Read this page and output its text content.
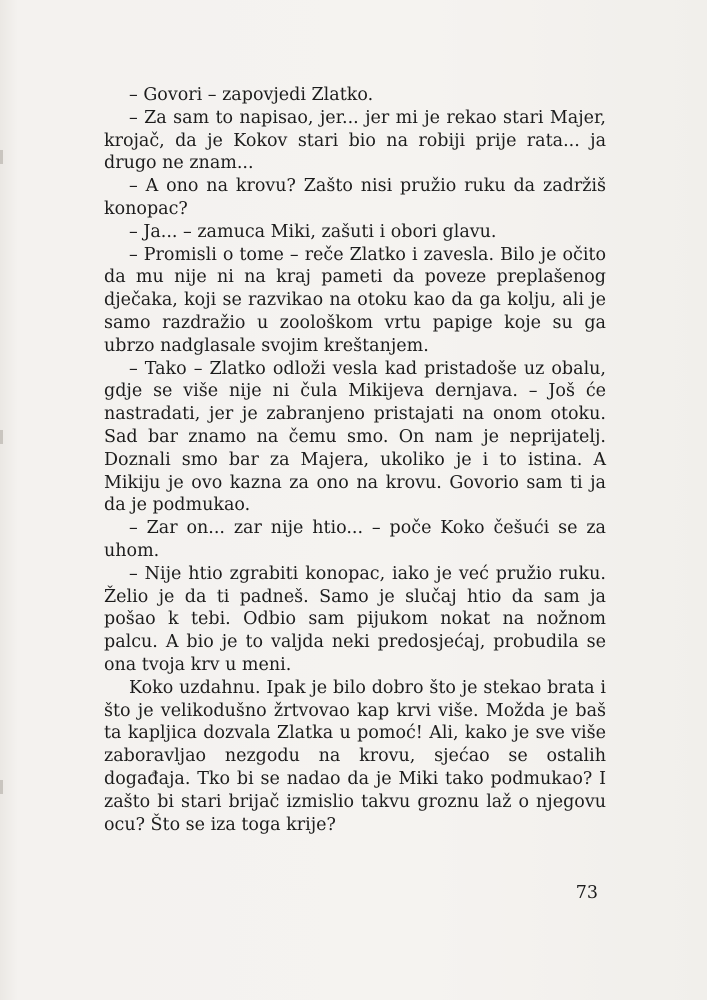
– Govori – zapovjedi Zlatko.

– Za sam to napisao, jer... jer mi je rekao stari Majer, krojač, da je Kokov stari bio na robiji prije rata... ja drugo ne znam...

– A ono na krovu? Zašto nisi pružio ruku da zadržiš konopac?

– Ja... – zamuca Miki, zašuti i obori glavu.

– Promisli o tome – reče Zlatko i zavesla. Bilo je očito da mu nije ni na kraj pameti da poveze preplašenog dječaka, koji se razvikao na otoku kao da ga kolju, ali je samo razdražio u zoološkom vrtu papige koje su ga ubrzo nadglasale svojim kreštanjem.

– Tako – Zlatko odloži vesla kad pristadoše uz obalu, gdje se više nije ni čula Mikijeva dernjava. – Još će nastradati, jer je zabranjeno pristajati na onom otoku. Sad bar znamo na čemu smo. On nam je neprijatelj. Doznali smo bar za Majera, ukoliko je i to istina. A Mikiju je ovo kazna za ono na krovu. Govorio sam ti ja da je podmukao.

– Zar on... zar nije htio... – poče Koko češući se za uhom.

– Nije htio zgrabiti konopac, iako je već pružio ruku. Želio je da ti padneš. Samo je slučaj htio da sam ja pošao k tebi. Odbio sam pijukom nokat na nožnom palcu. A bio je to valjda neki predosjećaj, probudila se ona tvoja krv u meni.

Koko uzdahnu. Ipak je bilo dobro što je stekao brata i što je velikodušno žrtvovao kap krvi više. Možda je baš ta kapljica dozvala Zlatka u pomoć! Ali, kako je sve više zaboravljao nezgodu na krovu, sjećao se ostalih događaja. Tko bi se nadao da je Miki tako podmukao? I zašto bi stari brijač izmislio takvu groznu laž o njegovu ocu? Što se iza toga krije?

73
